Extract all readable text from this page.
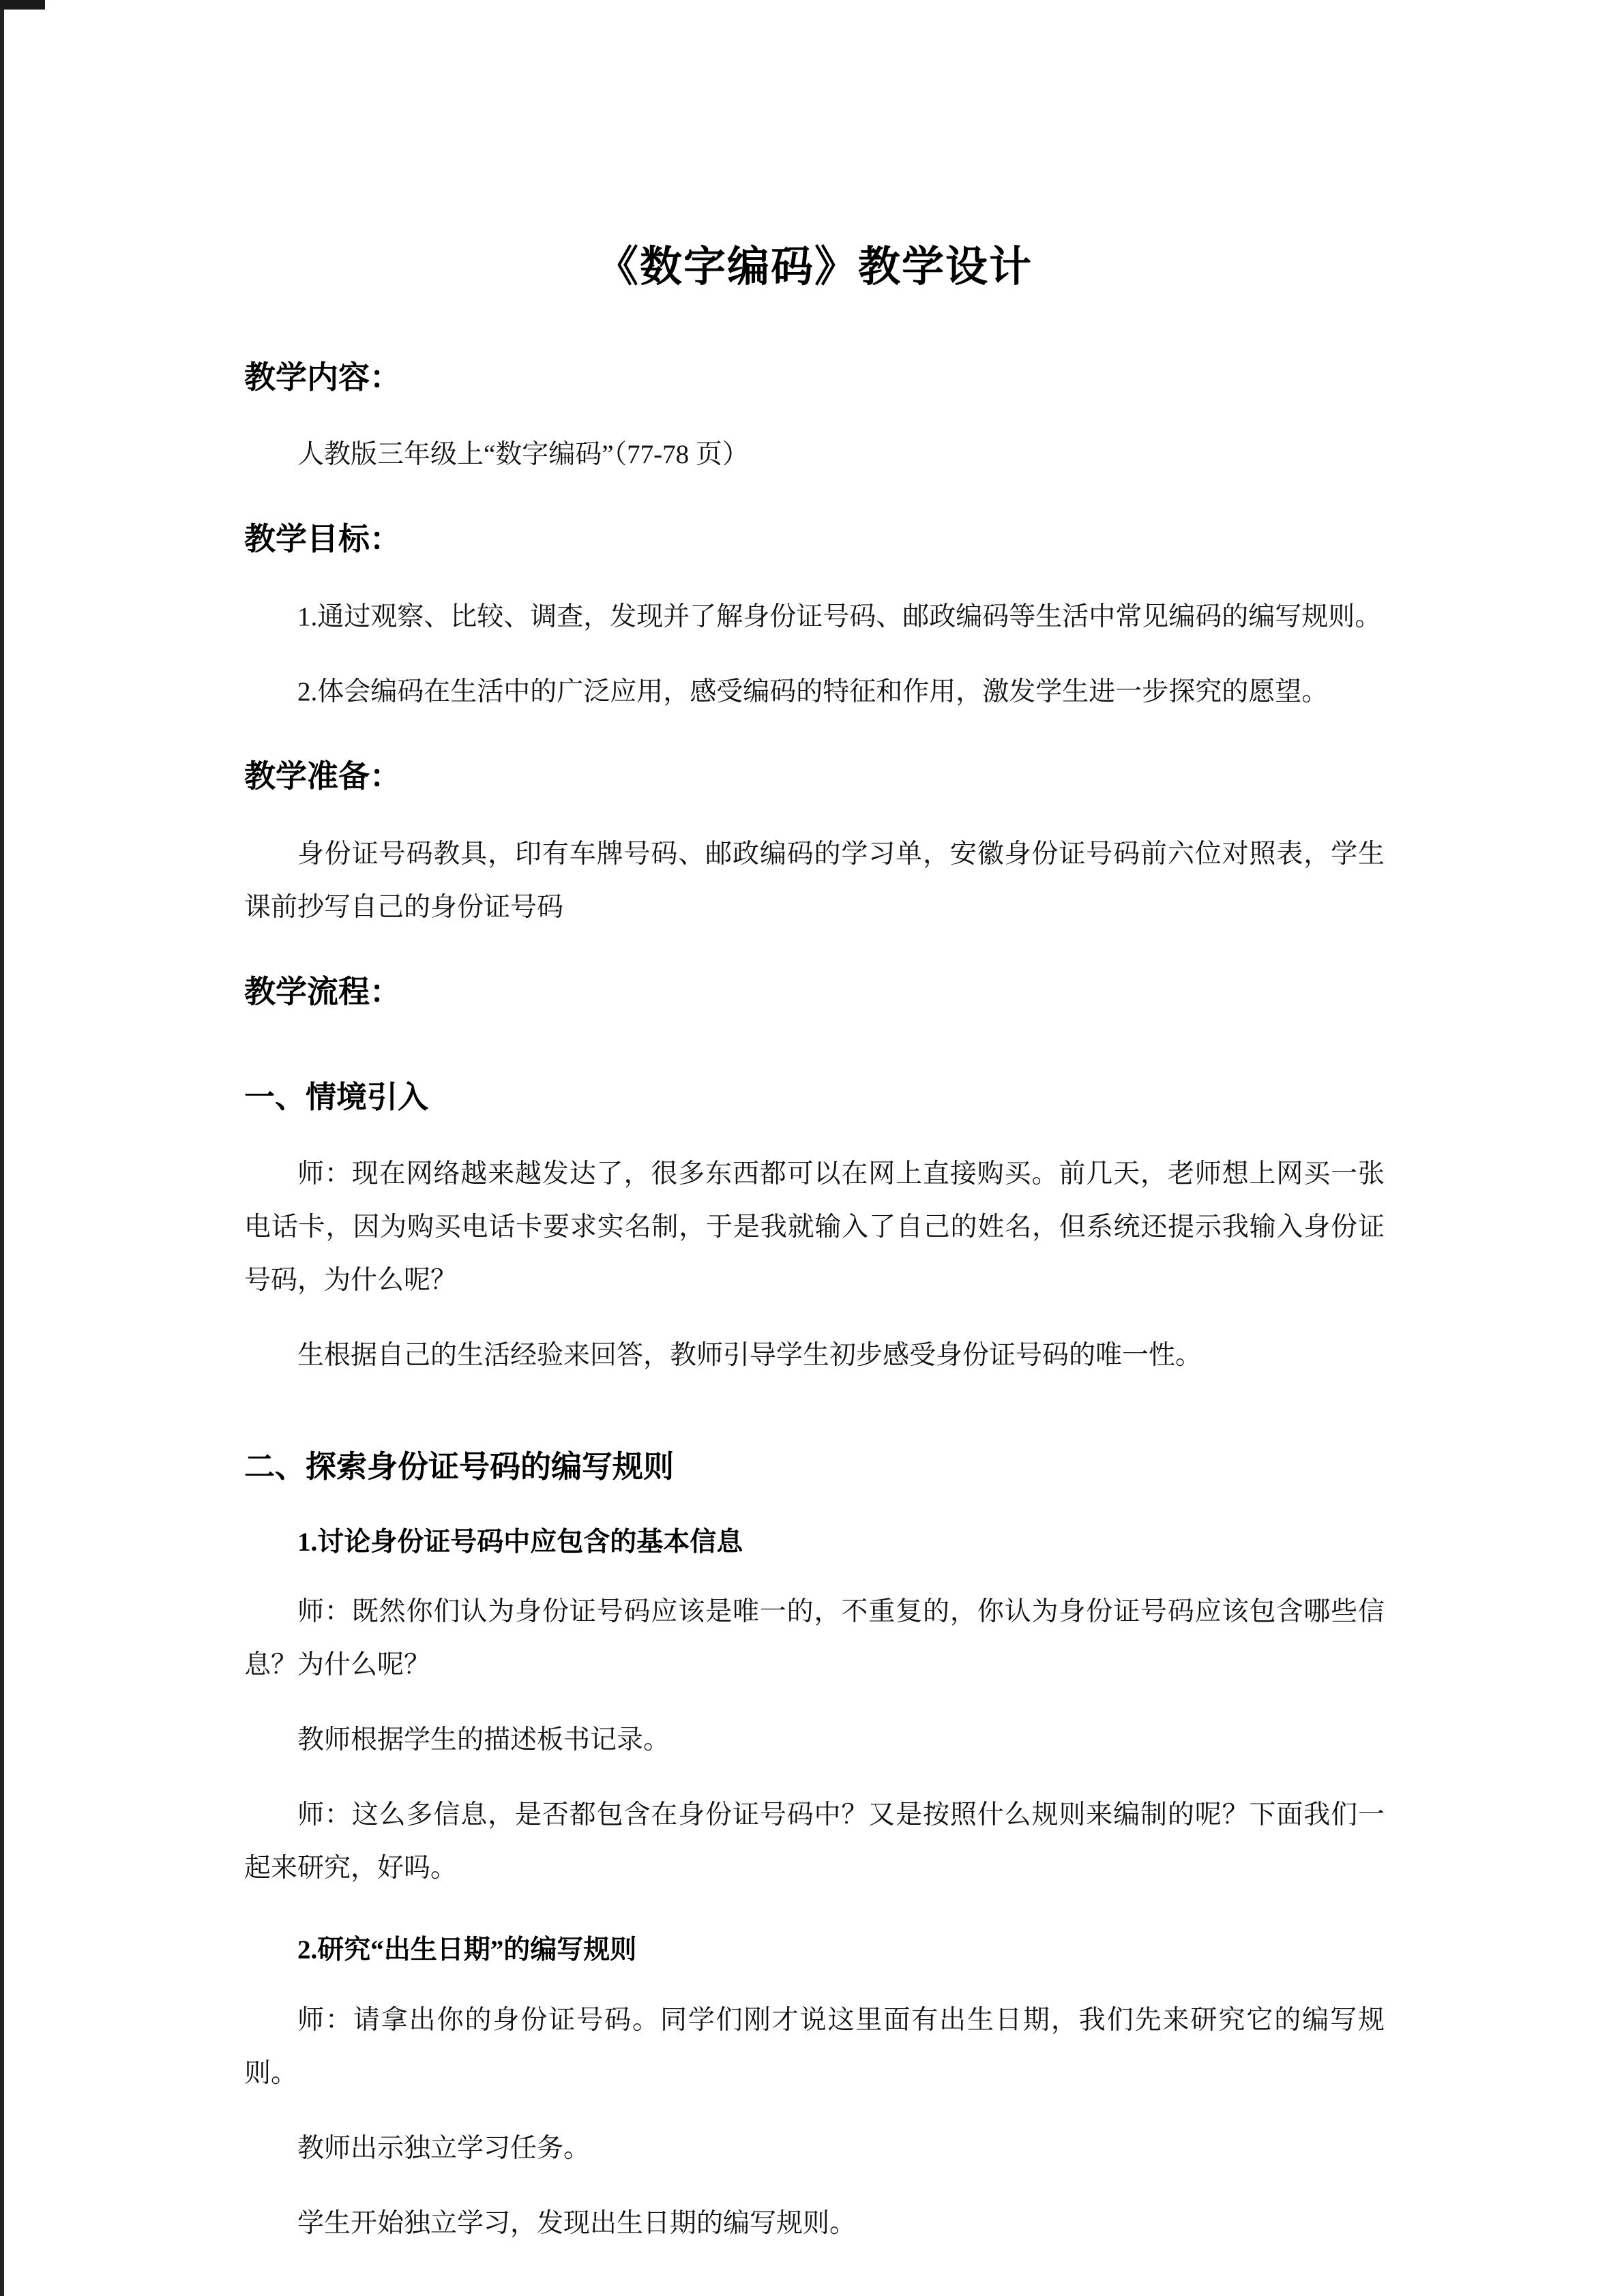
《数字编码》教学设计
教学内容：

人教版三年级上“数字编码”（77-78 页）

教学目标：

1.通过观察、比较、调查，发现并了解身份证号码、邮政编码等生活中常见编码的编写规则。

2.体会编码在生活中的广泛应用，感受编码的特征和作用，激发学生进一步探究的愿望。

教学准备：

身份证号码教具，印有车牌号码、邮政编码的学习单，安徽身份证号码前六位对照表，学生课前抄写自己的身份证号码

教学流程：
一、情境引入

师：现在网络越来越发达了，很多东西都可以在网上直接购买。前几天，老师想上网买一张电话卡，因为购买电话卡要求实名制，于是我就输入了自己的姓名，但系统还提示我输入身份证号码，为什么呢？

生根据自己的生活经验来回答，教师引导学生初步感受身份证号码的唯一性。

二、探索身份证号码的编写规则
1.讨论身份证号码中应包含的基本信息

师：既然你们认为身份证号码应该是唯一的，不重复的，你认为身份证号码应该包含哪些信息？为什么呢？

教师根据学生的描述板书记录。

师：这么多信息，是否都包含在身份证号码中？又是按照什么规则来编制的呢？下面我们一起来研究，好吗。

2.研究“出生日期”的编写规则

师：请拿出你的身份证号码。同学们刚才说这里面有出生日期，我们先来研究它的编写规则。

教师出示独立学习任务。

学生开始独立学习，发现出生日期的编写规则。
